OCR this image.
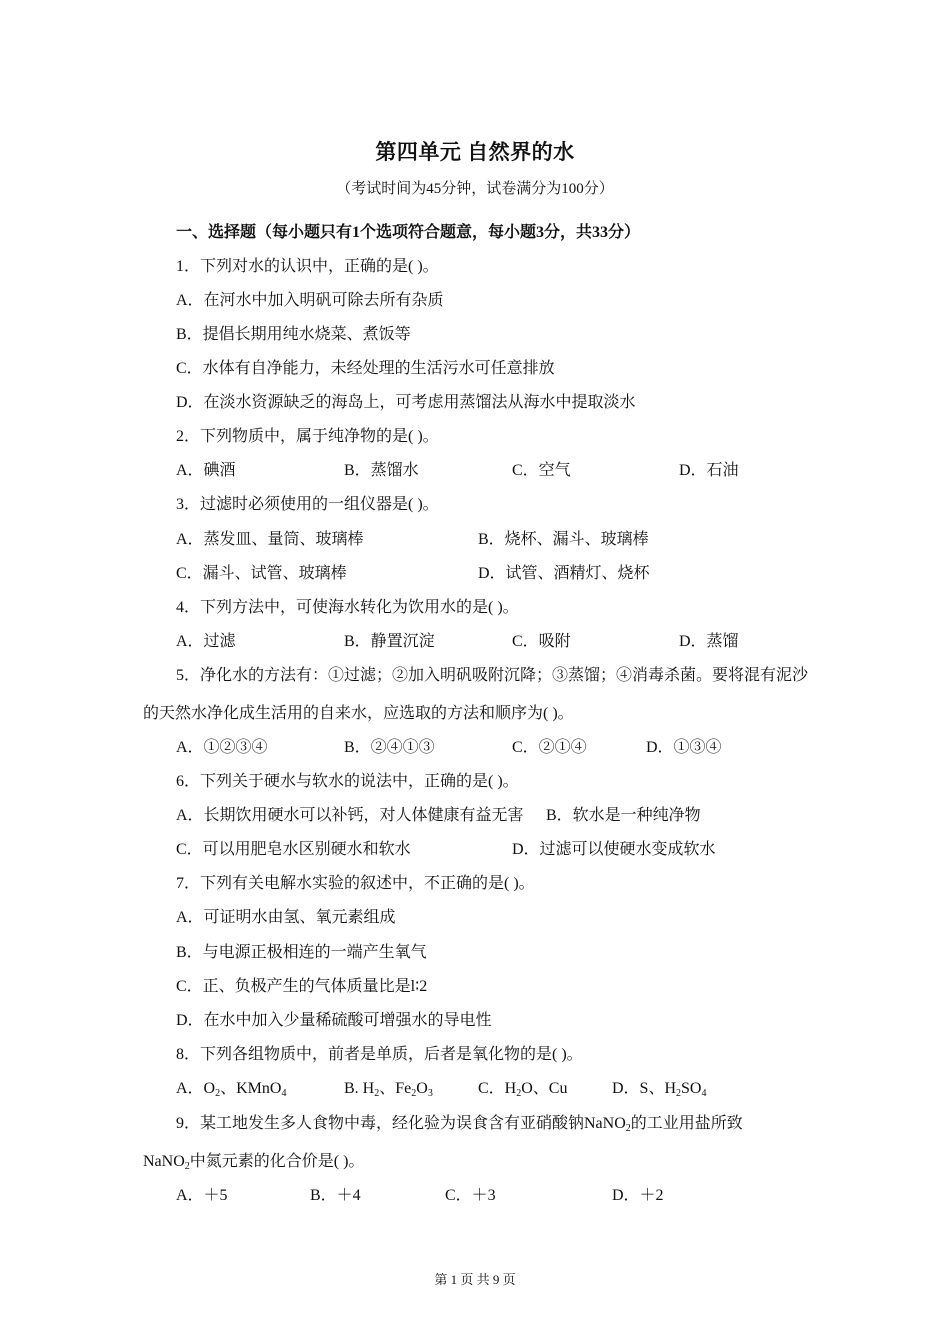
第四单元 自然界的水
（考试时间为45分钟，试卷满分为100分）
一、选择题（每小题只有1个选项符合题意，每小题3分，共33分）
1．下列对水的认识中，正确的是( )。
A．在河水中加入明矾可除去所有杂质
B．提倡长期用纯水烧菜、煮饭等
C．水体有自净能力，未经处理的生活污水可任意排放
D．在淡水资源缺乏的海岛上，可考虑用蒸馏法从海水中提取淡水
2．下列物质中，属于纯净物的是( )。
A．碘酒	B．蒸馏水	C．空气	D．石油
3．过滤时必须使用的一组仪器是( )。
A．蒸发皿、量筒、玻璃棒	B．烧杯、漏斗、玻璃棒
C．漏斗、试管、玻璃棒	D．试管、酒精灯、烧杯
4．下列方法中，可使海水转化为饮用水的是( )。
A．过滤	B．静置沉淀	C．吸附	D．蒸馏
5．净化水的方法有：①过滤；②加入明矾吸附沉降；③蒸馏；④消毒杀菌。要将混有泥沙
的天然水净化成生活用的自来水，应选取的方法和顺序为( )。
A．①②③④	B．②④①③	C．②①④	D．①③④
6．下列关于硬水与软水的说法中，正确的是( )。
A．长期饮用硬水可以补钙，对人体健康有益无害 B．软水是一种纯净物
C．可以用肥皂水区别硬水和软水	D．过滤可以使硬水变成软水
7．下列有关电解水实验的叙述中，不正确的是( )。
A．可证明水由氢、氧元素组成
B．与电源正极相连的一端产生氧气
C．正、负极产生的气体质量比是l∶2
D．在水中加入少量稀硫酸可增强水的导电性
8．下列各组物质中，前者是单质，后者是氧化物的是( )。
A．$O_2$、KMnO$_4$	B. $H_2$、$Fe_2O_3$	C．$H_2O$、Cu	D．S、$H_2SO_4$
9．某工地发生多人食物中毒，经化验为误食含有亚硝酸钠NaNO$_2$的工业用盐所致
NaNO$_2$中氮元素的化合价是( )。
A．＋5	B．＋4	C．＋3	D．＋2
第 1 页 共 9 页
